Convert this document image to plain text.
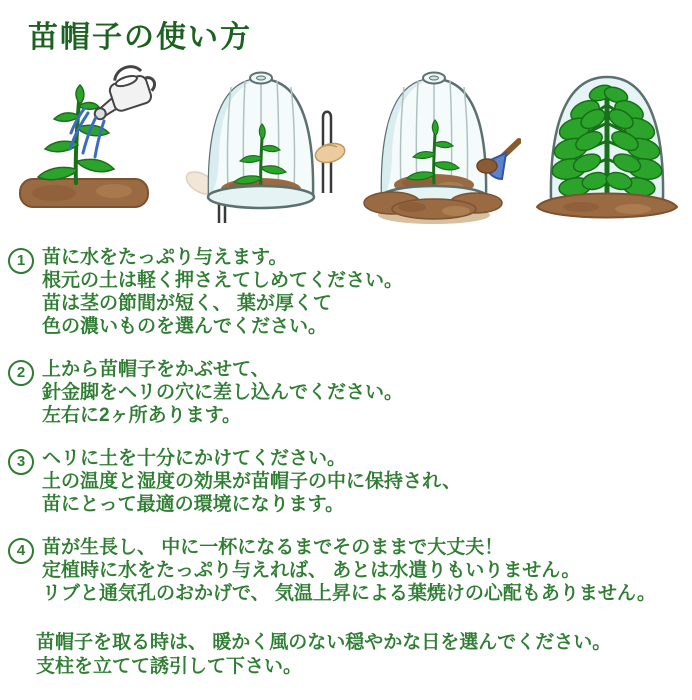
苗帽子の使い方
1 苗に水をたっぷり与えます。
根元の土は軽く押さえてしめてください。
苗は茎の節間が短く、 葉が厚くて
色の濃いものを選んでください。
2 上から苗帽子をかぶせて、
針金脚をヘリの穴に差し込んでください。
左右に2ヶ所あります。
3 ヘリに土を十分にかけてください。
土の温度と湿度の効果が苗帽子の中に保持され、
苗にとって最適の環境になります。
4 苗が生長し、 中に一杯になるまでそのままで大丈夫！
定植時に水をたっぷり与えれば、 あとは水遣りもいりません。
リブと通気孔のおかげで、 気温上昇による葉焼けの心配もありません。
苗帽子を取る時は、 暖かく風のない穏やかな日を選んでください。
支柱を立てて誘引して下さい。
